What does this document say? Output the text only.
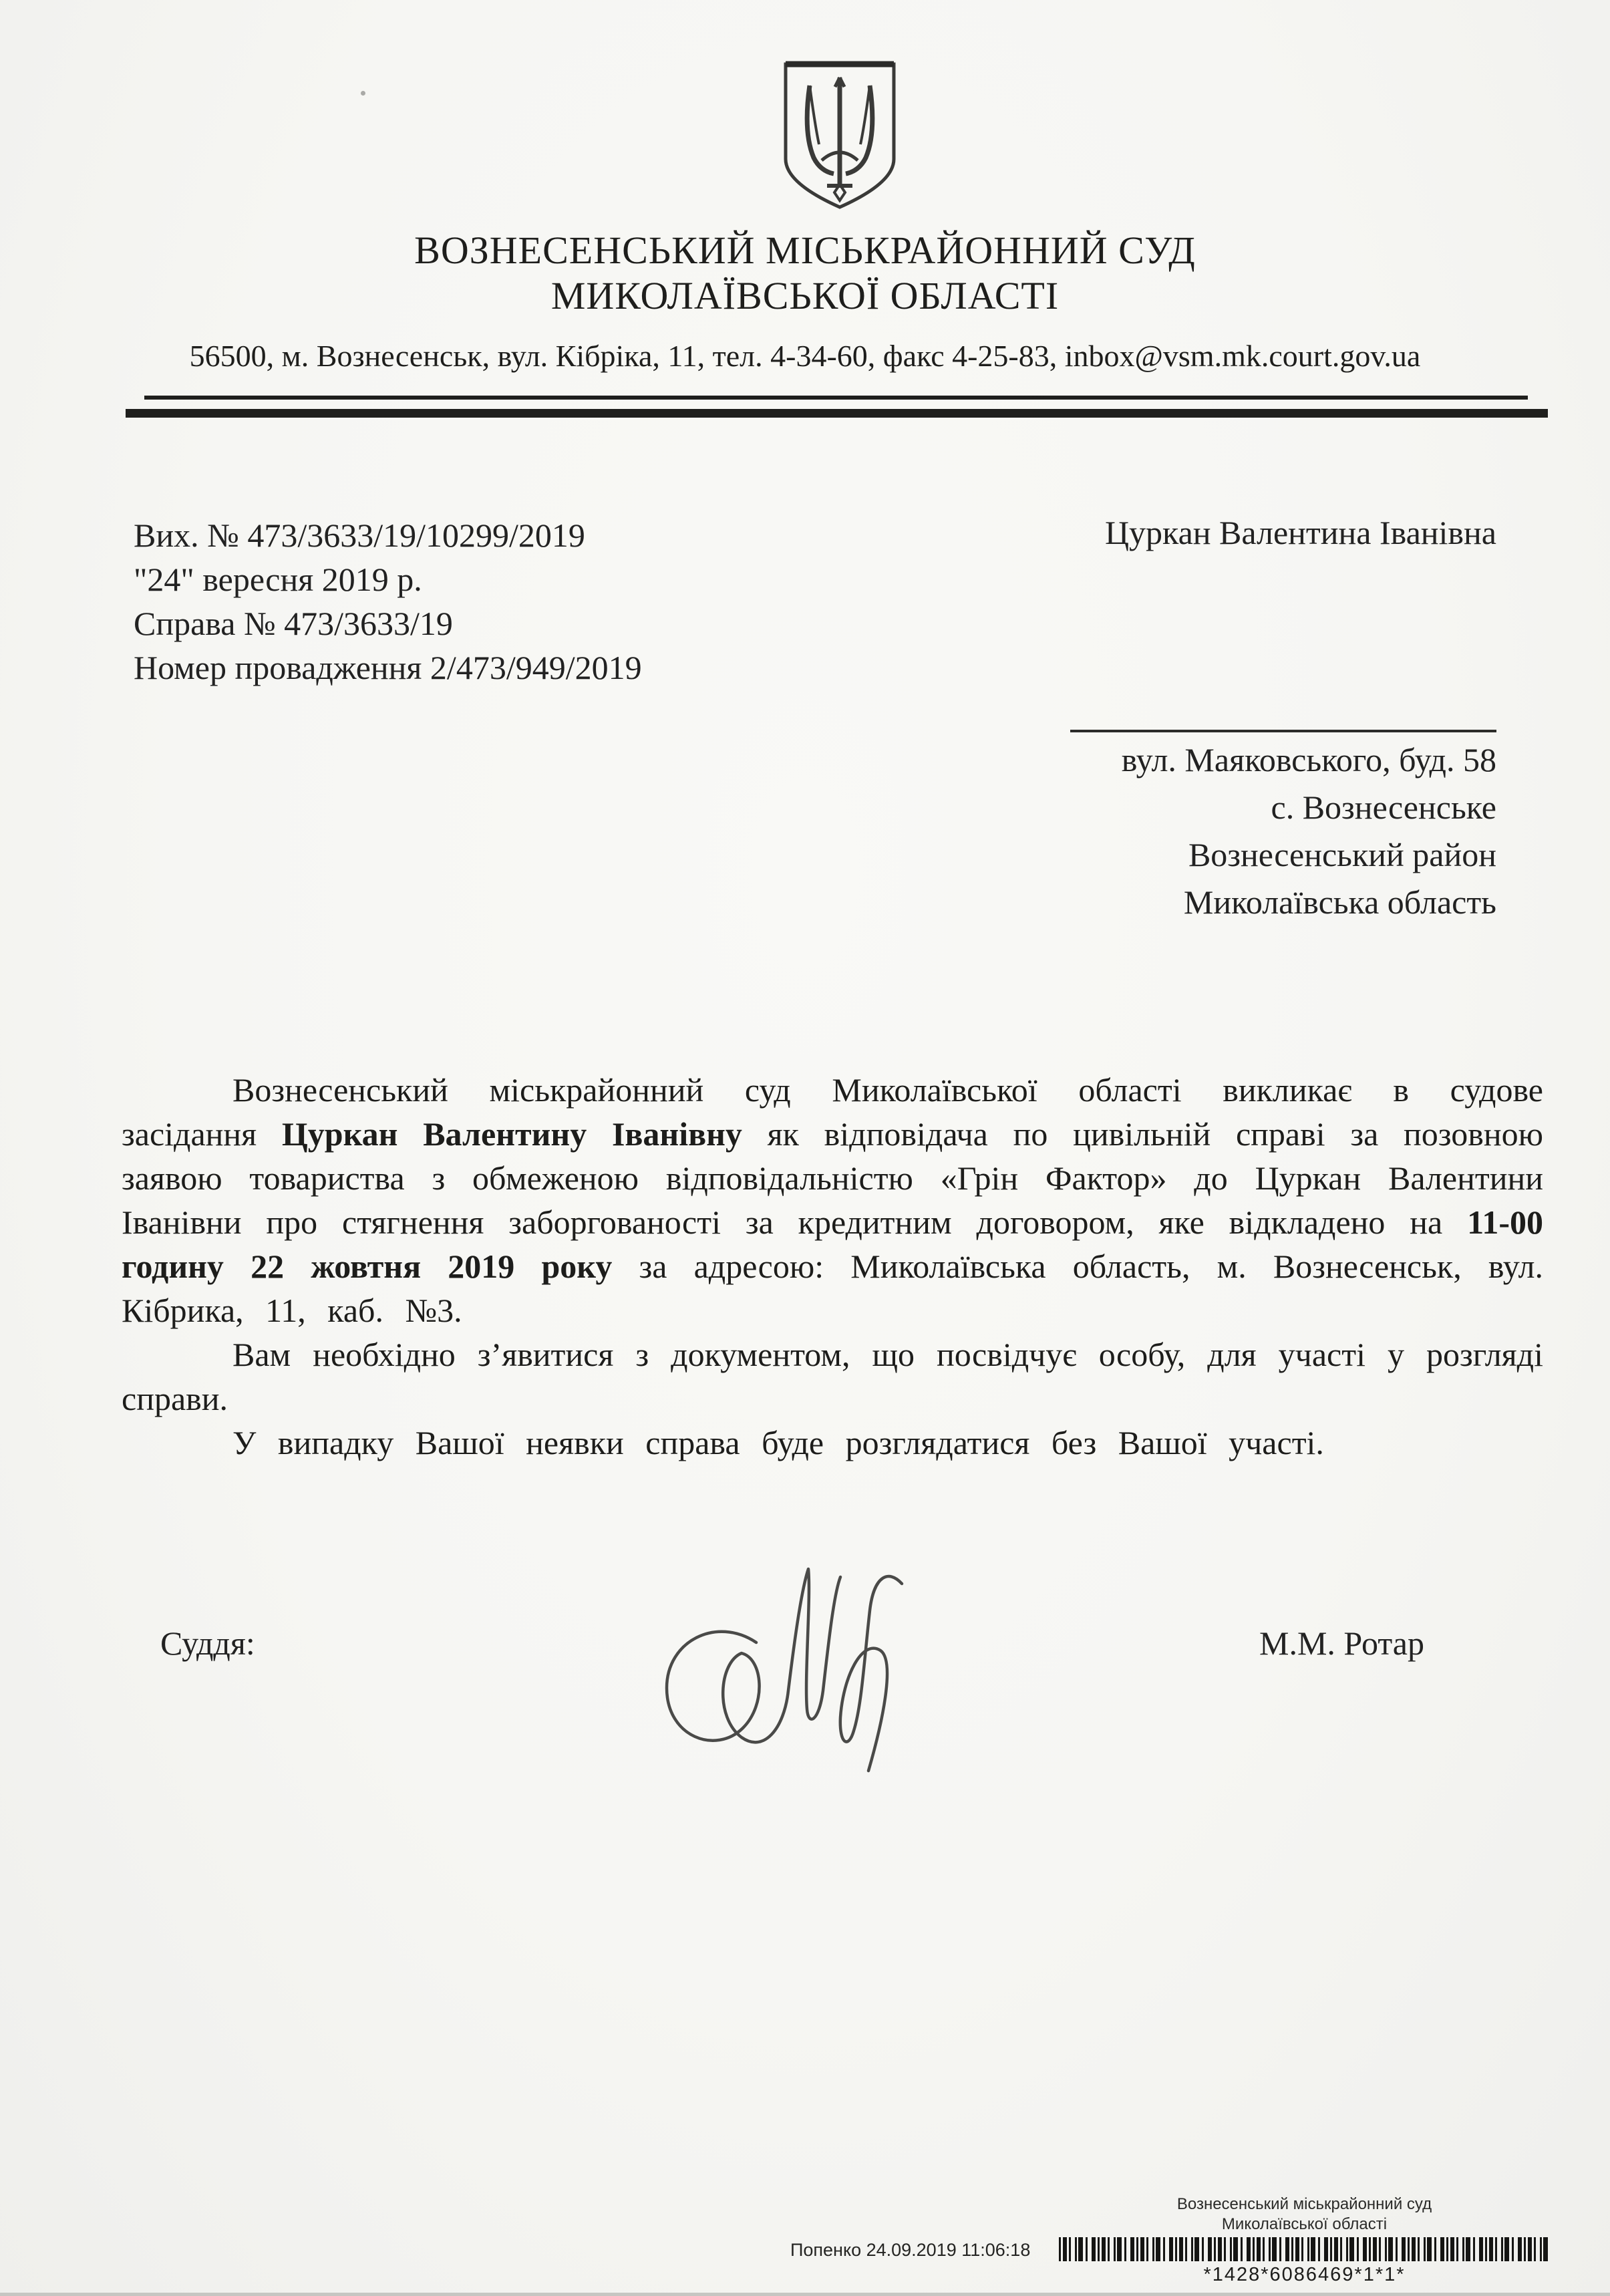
ВОЗНЕСЕНСЬКИЙ МІСЬКРАЙОННИЙ СУД
МИКОЛАЇВСЬКОЇ ОБЛАСТІ
56500, м. Вознесенськ, вул. Кібріка, 11, тел. 4-34-60, факс 4-25-83, inbox@vsm.mk.court.gov.ua
Вих. № 473/3633/19/10299/2019
"24" вересня 2019 р.
Справа № 473/3633/19
Номер провадження 2/473/949/2019
Цуркан Валентина Іванівна
вул. Маяковського, буд. 58
с. Вознесенське
Вознесенський район
Миколаївська область

Вознесенський міськрайонний суд Миколаївської області викликає в судове засідання Цуркан Валентину Іванівну як відповідача по цивільній справі за позовною заявою товариства з обмеженою відповідальністю «Грін Фактор» до Цуркан Валентини Іванівни про стягнення заборгованості за кредитним договором, яке відкладено на 11-00 годину 22 жовтня 2019 року за адресою: Миколаївська область, м. Вознесенськ, вул. Кібрика, 11, каб. №3.

Вам необхідно з’явитися з документом, що посвідчує особу, для участі у розгляді справи.

У випадку Вашої неявки справа буде розглядатися без Вашої участі.

Суддя:	М.М. Ротар
Вознесенський міськрайонний суд
Миколаївської області
Попенко 24.09.2019 11:06:18
*1428*6086469*1*1*
